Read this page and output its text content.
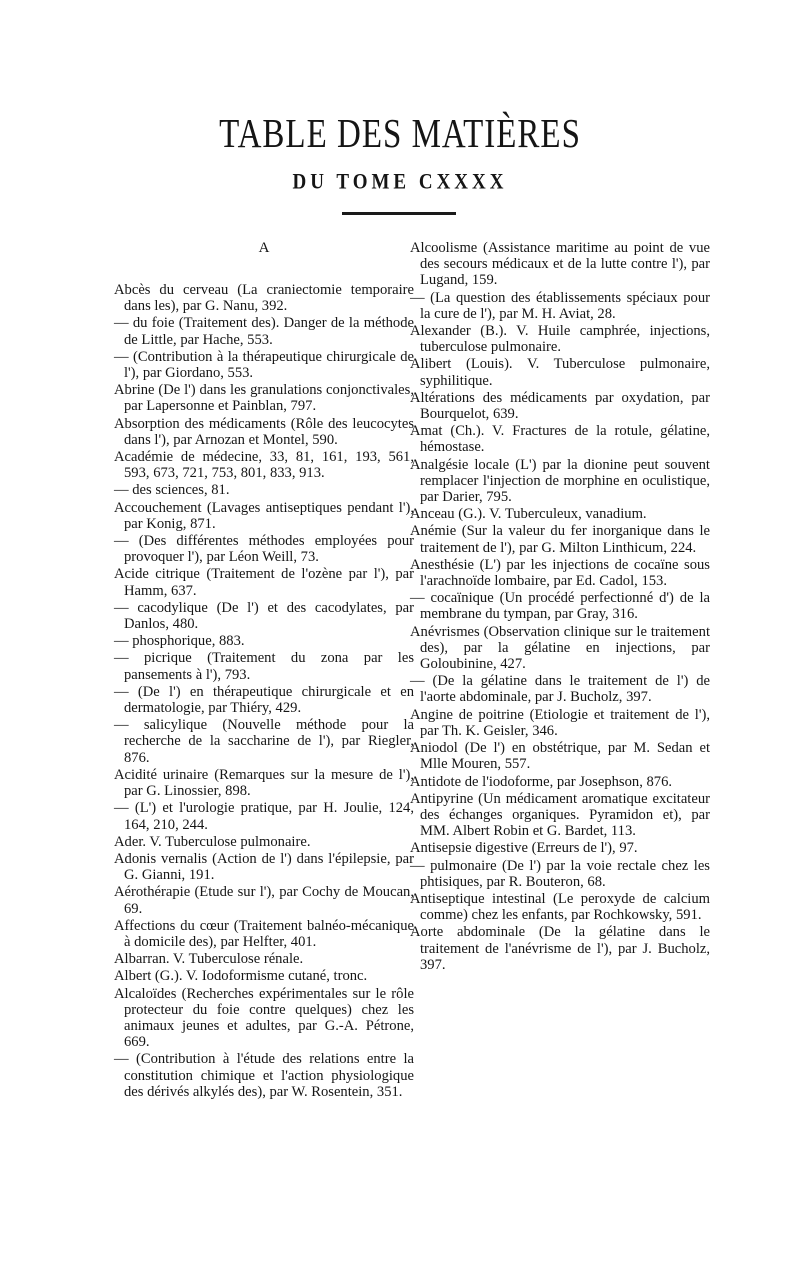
TABLE DES MATIÈRES
DU TOME CXXXX
A

Abcès du cerveau (La craniectomie temporaire dans les), par G. Nanu, 392.

— du foie (Traitement des). Danger de la méthode de Little, par Hache, 553.

— (Contribution à la thérapeutique chirurgicale de l'), par Giordano, 553.

Abrine (De l') dans les granulations conjonctivales, par Lapersonne et Painblan, 797.

Absorption des médicaments (Rôle des leucocytes dans l'), par Arnozan et Montel, 590.

Académie de médecine, 33, 81, 161, 193, 561, 593, 673, 721, 753, 801, 833, 913.

— des sciences, 81.

Accouchement (Lavages antiseptiques pendant l'), par Konig, 871.

— (Des différentes méthodes employées pour provoquer l'), par Léon Weill, 73.

Acide citrique (Traitement de l'ozène par l'), par Hamm, 637.

— cacodylique (De l') et des cacodylates, par Danlos, 480.

— phosphorique, 883.

— picrique (Traitement du zona par les pansements à l'), 793.

— (De l') en thérapeutique chirurgicale et en dermatologie, par Thiéry, 429.

— salicylique (Nouvelle méthode pour la recherche de la saccharine de l'), par Riegler, 876.

Acidité urinaire (Remarques sur la mesure de l'), par G. Linossier, 898.

— (L') et l'urologie pratique, par H. Joulie, 124, 164, 210, 244.

Ader. V. Tuberculose pulmonaire.

Adonis vernalis (Action de l') dans l'épilepsie, par G. Gianni, 191.

Aérothérapie (Etude sur l'), par Cochy de Moucan, 69.

Affections du cœur (Traitement balnéo-mécanique à domicile des), par Helfter, 401.

Albarran. V. Tuberculose rénale.

Albert (G.). V. Iodoformisme cutané, tronc.

Alcaloïdes (Recherches expérimentales sur le rôle protecteur du foie contre quelques) chez les animaux jeunes et adultes, par G.-A. Pétrone, 669.

— (Contribution à l'étude des relations entre la constitution chimique et l'action physiologique des dérivés alkylés des), par W. Rosentein, 351.

Alcoolisme (Assistance maritime au point de vue des secours médicaux et de la lutte contre l'), par Lugand, 159.

— (La question des établissements spéciaux pour la cure de l'), par M. H. Aviat, 28.

Alexander (B.). V. Huile camphrée, injections, tuberculose pulmonaire.

Alibert (Louis). V. Tuberculose pulmonaire, syphilitique.

Altérations des médicaments par oxydation, par Bourquelot, 639.

Amat (Ch.). V. Fractures de la rotule, gélatine, hémostase.

Analgésie locale (L') par la dionine peut souvent remplacer l'injection de morphine en oculistique, par Darier, 795.

Anceau (G.). V. Tuberculeux, vanadium.

Anémie (Sur la valeur du fer inorganique dans le traitement de l'), par G. Milton Linthicum, 224.

Anesthésie (L') par les injections de cocaïne sous l'arachnoïde lombaire, par Ed. Cadol, 153.

— cocaïnique (Un procédé perfectionné d') de la membrane du tympan, par Gray, 316.

Anévrismes (Observation clinique sur le traitement des), par la gélatine en injections, par Goloubinine, 427.

— (De la gélatine dans le traitement de l') de l'aorte abdominale, par J. Bucholz, 397.

Angine de poitrine (Etiologie et traitement de l'), par Th. K. Geisler, 346.

Aniodol (De l') en obstétrique, par M. Sedan et Mlle Mouren, 557.

Antidote de l'iodoforme, par Josephson, 876.

Antipyrine (Un médicament aromatique excitateur des échanges organiques. Pyramidon et), par MM. Albert Robin et G. Bardet, 113.

Antisepsie digestive (Erreurs de l'), 97.

— pulmonaire (De l') par la voie rectale chez les phtisiques, par R. Bouteron, 68.

Antiseptique intestinal (Le peroxyde de calcium comme) chez les enfants, par Rochkowsky, 591.

Aorte abdominale (De la gélatine dans le traitement de l'anévrisme de l'), par J. Bucholz, 397.
